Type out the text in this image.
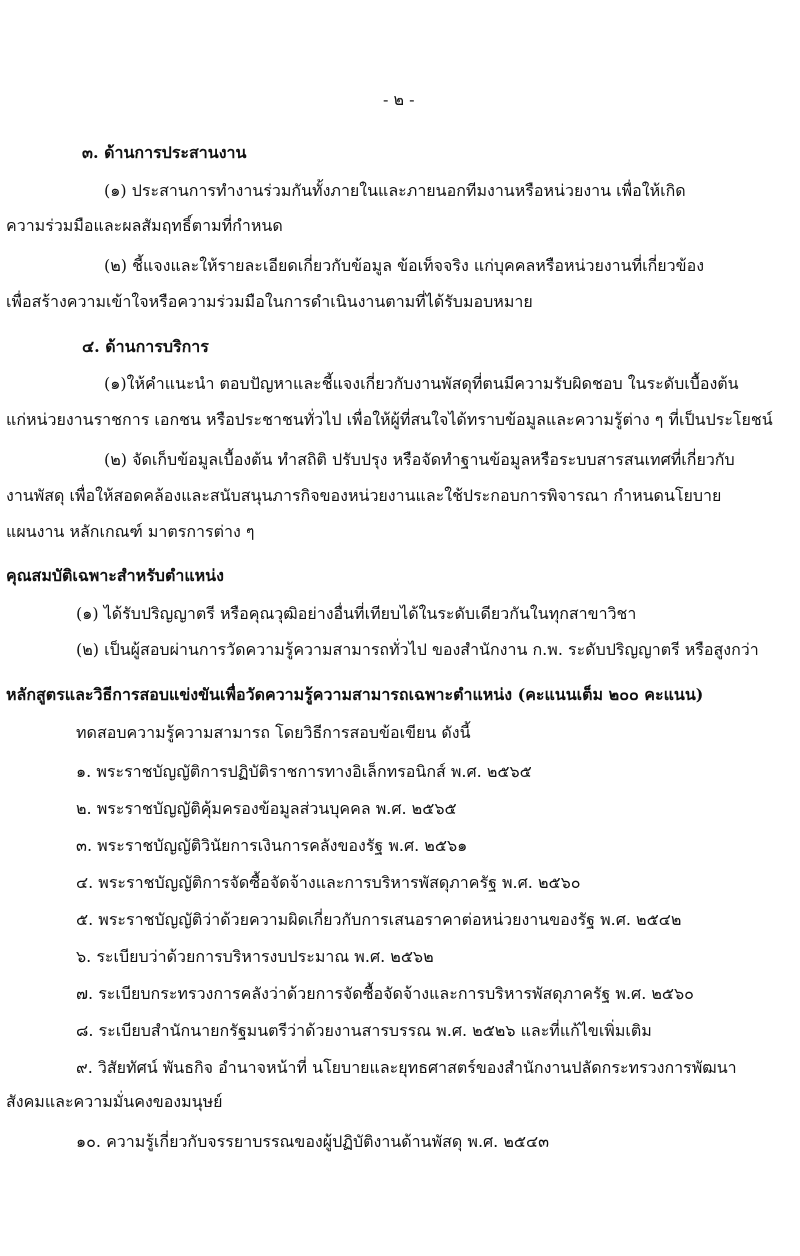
- ๒ -
๓. ด้านการประสานงาน
(๑) ประสานการทำงานร่วมกันทั้งภายในและภายนอกทีมงานหรือหน่วยงาน เพื่อให้เกิด
ความร่วมมือและผลสัมฤทธิ์ตามที่กำหนด
(๒) ชี้แจงและให้รายละเอียดเกี่ยวกับข้อมูล ข้อเท็จจริง แก่บุคคลหรือหน่วยงานที่เกี่ยวข้อง
เพื่อสร้างความเข้าใจหรือความร่วมมือในการดำเนินงานตามที่ได้รับมอบหมาย
๔. ด้านการบริการ
(๑)ให้คำแนะนำ ตอบปัญหาและชี้แจงเกี่ยวกับงานพัสดุที่ตนมีความรับผิดชอบ ในระดับเบื้องต้น
แก่หน่วยงานราชการ เอกชน หรือประชาชนทั่วไป เพื่อให้ผู้ที่สนใจได้ทราบข้อมูลและความรู้ต่าง ๆ ที่เป็นประโยชน์
(๒) จัดเก็บข้อมูลเบื้องต้น ทำสถิติ ปรับปรุง หรือจัดทำฐานข้อมูลหรือระบบสารสนเทศที่เกี่ยวกับ
งานพัสดุ เพื่อให้สอดคล้องและสนับสนุนภารกิจของหน่วยงานและใช้ประกอบการพิจารณา กำหนดนโยบาย
แผนงาน หลักเกณฑ์ มาตรการต่าง ๆ
คุณสมบัติเฉพาะสำหรับตำแหน่ง
(๑) ได้รับปริญญาตรี หรือคุณวุฒิอย่างอื่นที่เทียบได้ในระดับเดียวกันในทุกสาขาวิชา
(๒) เป็นผู้สอบผ่านการวัดความรู้ความสามารถทั่วไป ของสำนักงาน ก.พ. ระดับปริญญาตรี หรือสูงกว่า
หลักสูตรและวิธีการสอบแข่งขันเพื่อวัดความรู้ความสามารถเฉพาะตำแหน่ง (คะแนนเต็ม ๒๐๐ คะแนน)
ทดสอบความรู้ความสามารถ โดยวิธีการสอบข้อเขียน ดังนี้
๑. พระราชบัญญัติการปฏิบัติราชการทางอิเล็กทรอนิกส์ พ.ศ. ๒๕๖๕
๒. พระราชบัญญัติคุ้มครองข้อมูลส่วนบุคคล พ.ศ. ๒๕๖๕
๓. พระราชบัญญัติวินัยการเงินการคลังของรัฐ พ.ศ. ๒๕๖๑
๔. พระราชบัญญัติการจัดซื้อจัดจ้างและการบริหารพัสดุภาครัฐ พ.ศ. ๒๕๖๐
๕. พระราชบัญญัติว่าด้วยความผิดเกี่ยวกับการเสนอราคาต่อหน่วยงานของรัฐ พ.ศ. ๒๕๔๒
๖. ระเบียบว่าด้วยการบริหารงบประมาณ พ.ศ. ๒๕๖๒
๗. ระเบียบกระทรวงการคลังว่าด้วยการจัดซื้อจัดจ้างและการบริหารพัสดุภาครัฐ พ.ศ. ๒๕๖๐
๘. ระเบียบสำนักนายกรัฐมนตรีว่าด้วยงานสารบรรณ พ.ศ. ๒๕๒๖ และที่แก้ไขเพิ่มเติม
๙. วิสัยทัศน์ พันธกิจ อำนาจหน้าที่ นโยบายและยุทธศาสตร์ของสำนักงานปลัดกระทรวงการพัฒนา
สังคมและความมั่นคงของมนุษย์
๑๐. ความรู้เกี่ยวกับจรรยาบรรณของผู้ปฏิบัติงานด้านพัสดุ พ.ศ. ๒๕๔๓
